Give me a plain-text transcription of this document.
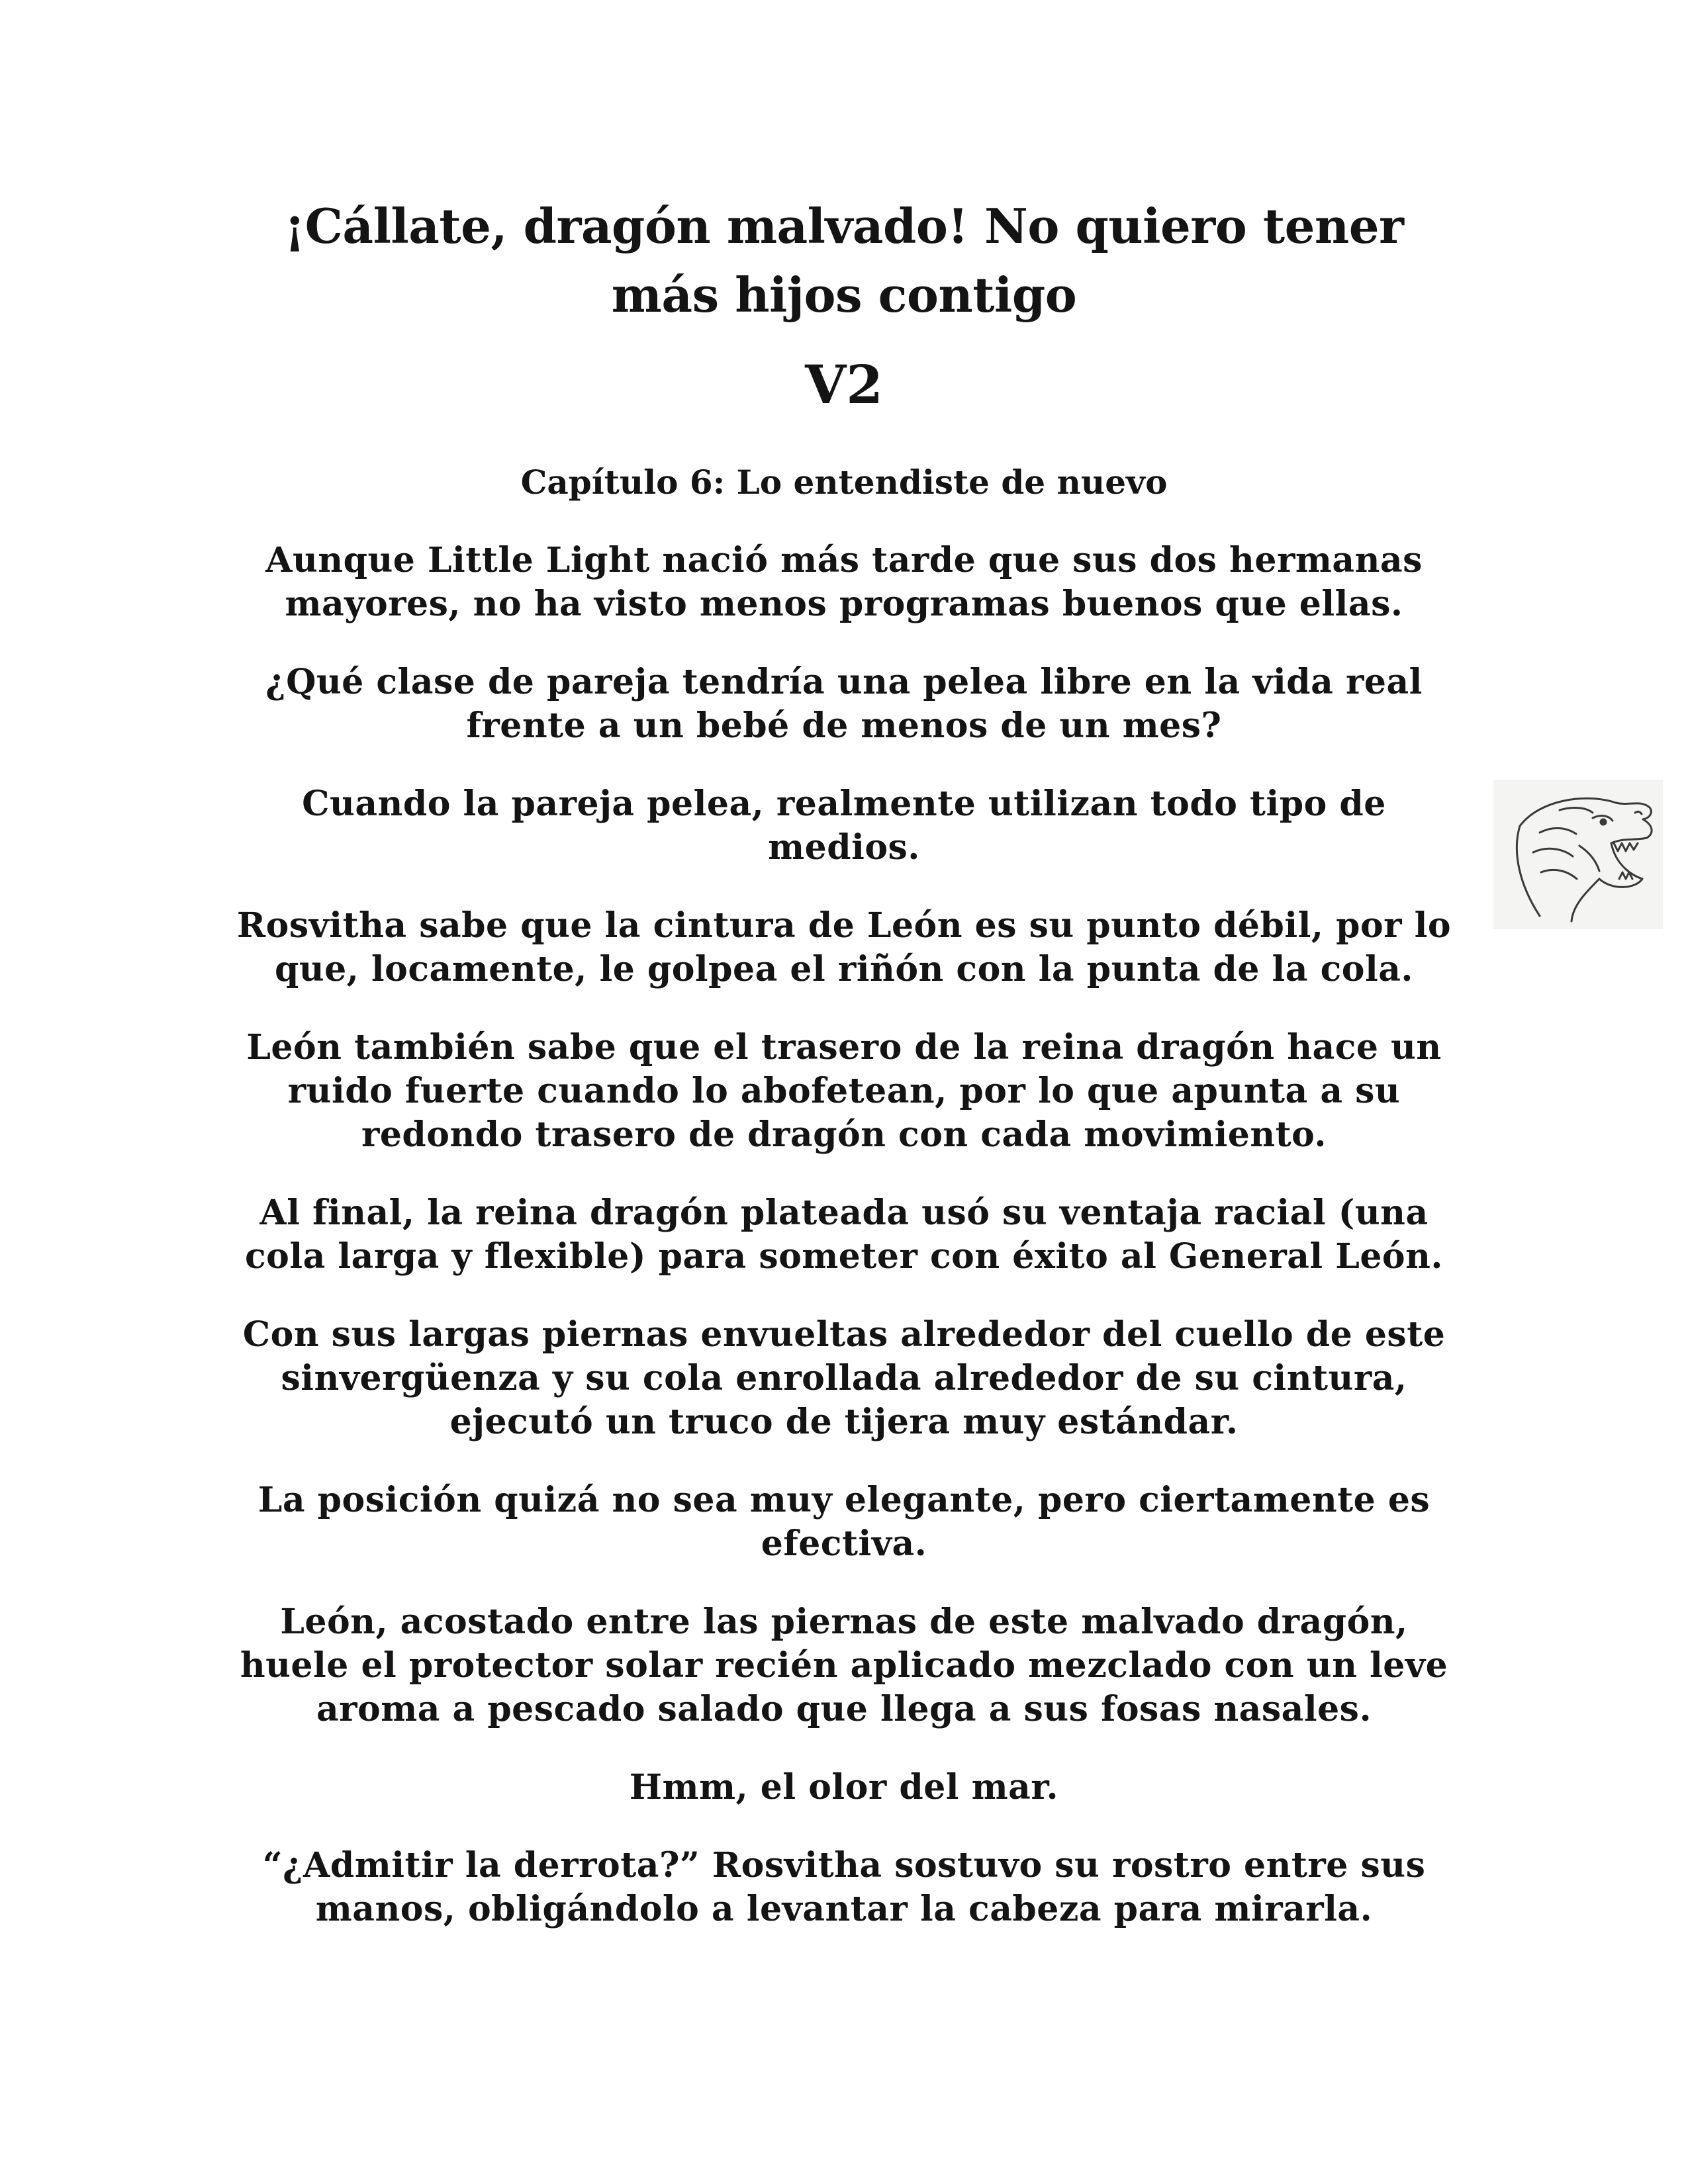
¡Cállate, dragón malvado! No quiero tener
más hijos contigo
V2
Capítulo 6: Lo entendiste de nuevo
Aunque Little Light nació más tarde que sus dos hermanas
mayores, no ha visto menos programas buenos que ellas.
¿Qué clase de pareja tendría una pelea libre en la vida real
frente a un bebé de menos de un mes?
Cuando la pareja pelea, realmente utilizan todo tipo de
medios.
Rosvitha sabe que la cintura de León es su punto débil, por lo
que, locamente, le golpea el riñón con la punta de la cola.
León también sabe que el trasero de la reina dragón hace un
ruido fuerte cuando lo abofetean, por lo que apunta a su
redondo trasero de dragón con cada movimiento.
Al final, la reina dragón plateada usó su ventaja racial (una
cola larga y flexible) para someter con éxito al General León.
Con sus largas piernas envueltas alrededor del cuello de este
sinvergüenza y su cola enrollada alrededor de su cintura,
ejecutó un truco de tijera muy estándar.
La posición quizá no sea muy elegante, pero ciertamente es
efectiva.
León, acostado entre las piernas de este malvado dragón,
huele el protector solar recién aplicado mezclado con un leve
aroma a pescado salado que llega a sus fosas nasales.
Hmm, el olor del mar.
“¿Admitir la derrota?” Rosvitha sostuvo su rostro entre sus
manos, obligándolo a levantar la cabeza para mirarla.
